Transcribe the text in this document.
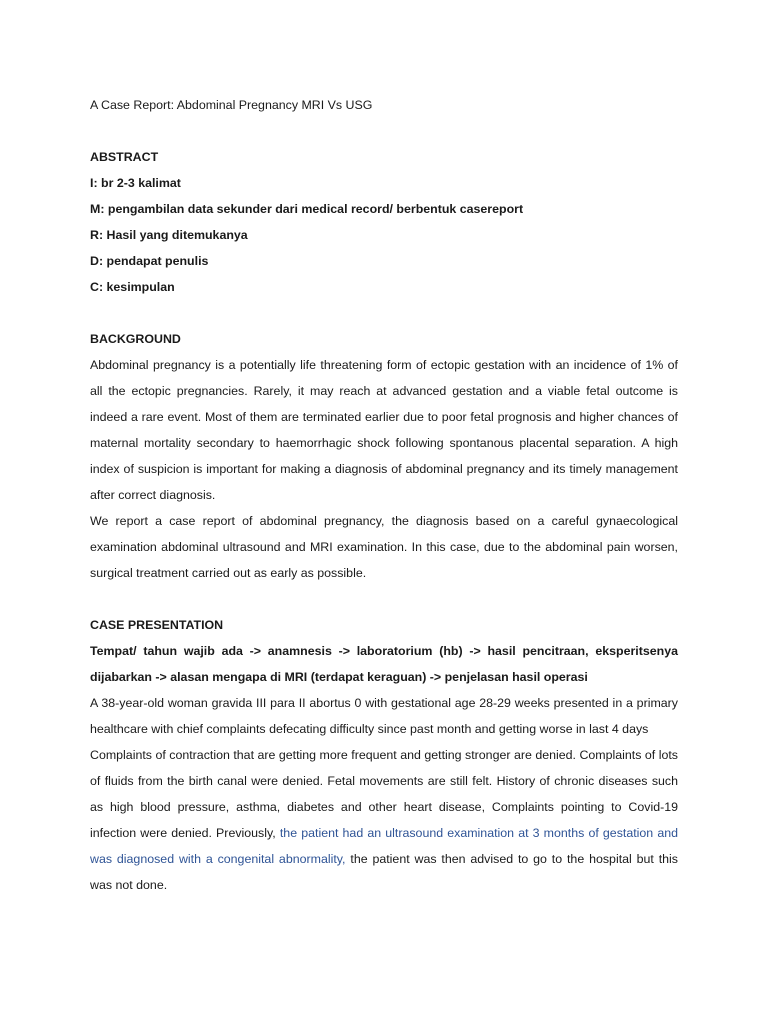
A Case Report: Abdominal Pregnancy MRI Vs USG
ABSTRACT
I: br 2-3 kalimat
M: pengambilan data sekunder dari medical record/ berbentuk casereport
R: Hasil yang ditemukanya
D: pendapat penulis
C: kesimpulan
BACKGROUND
Abdominal pregnancy is a potentially life threatening form of ectopic gestation with an incidence of 1% of all the ectopic pregnancies. Rarely, it may reach at advanced gestation and a viable fetal outcome is indeed a rare event. Most of them are terminated earlier due to poor fetal prognosis and higher chances of maternal mortality secondary to haemorrhagic shock following spontanous placental separation. A high index of suspicion is important for making a diagnosis of abdominal pregnancy and its timely management after correct diagnosis.
We report a case report of abdominal pregnancy, the diagnosis based on a careful gynaecological examination abdominal ultrasound and MRI examination. In this case, due to the abdominal pain worsen, surgical treatment carried out as early as possible.
CASE PRESENTATION
Tempat/ tahun wajib ada -> anamnesis -> laboratorium (hb) -> hasil pencitraan, eksperitsenya dijabarkan -> alasan mengapa di MRI (terdapat keraguan) -> penjelasan hasil operasi
A 38-year-old woman gravida III para II abortus 0 with gestational age 28-29 weeks presented in a primary healthcare with chief complaints defecating difficulty since past month and getting worse in last 4 days
Complaints of contraction that are getting more frequent and getting stronger are denied. Complaints of lots of fluids from the birth canal were denied. Fetal movements are still felt. History of chronic diseases such as high blood pressure, asthma, diabetes and other heart disease, Complaints pointing to Covid-19 infection were denied. Previously, the patient had an ultrasound examination at 3 months of gestation and was diagnosed with a congenital abnormality, the patient was then advised to go to the hospital but this was not done.
